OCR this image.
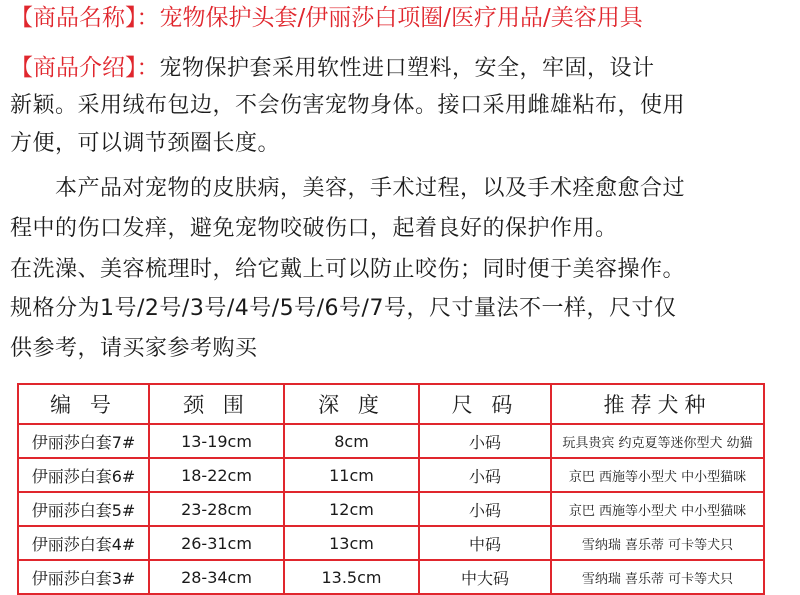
【商品名称】：宠物保护头套/伊丽莎白项圈/医疗用品/美容用具
【商品介绍】：宠物保护套采用软性进口塑料，安全，牢固，设计
新颖。采用绒布包边，不会伤害宠物身体。接口采用雌雄粘布，使用
方便，可以调节颈圈长度。
本产品对宠物的皮肤病，美容，手术过程，以及手术痊愈愈合过
程中的伤口发痒，避免宠物咬破伤口，起着良好的保护作用。
在洗澡、美容梳理时，给它戴上可以防止咬伤；同时便于美容操作。
规格分为1号/2号/3号/4号/5号/6号/7号，尺寸量法不一样，尺寸仅
供参考，请买家参考购买
编 号	颈 围	深 度	尺 码	推荐犬种
伊丽莎白套7#	13-19cm	8cm	小码	玩具贵宾 约克夏等迷你型犬 幼猫
伊丽莎白套6#	18-22cm	11cm	小码	京巴 西施等小型犬 中小型猫咪
伊丽莎白套5#	23-28cm	12cm	小码	京巴 西施等小型犬 中小型猫咪
伊丽莎白套4#	26-31cm	13cm	中码	雪纳瑞 喜乐蒂 可卡等犬只
伊丽莎白套3#	28-34cm	13.5cm	中大码	雪纳瑞 喜乐蒂 可卡等犬只
